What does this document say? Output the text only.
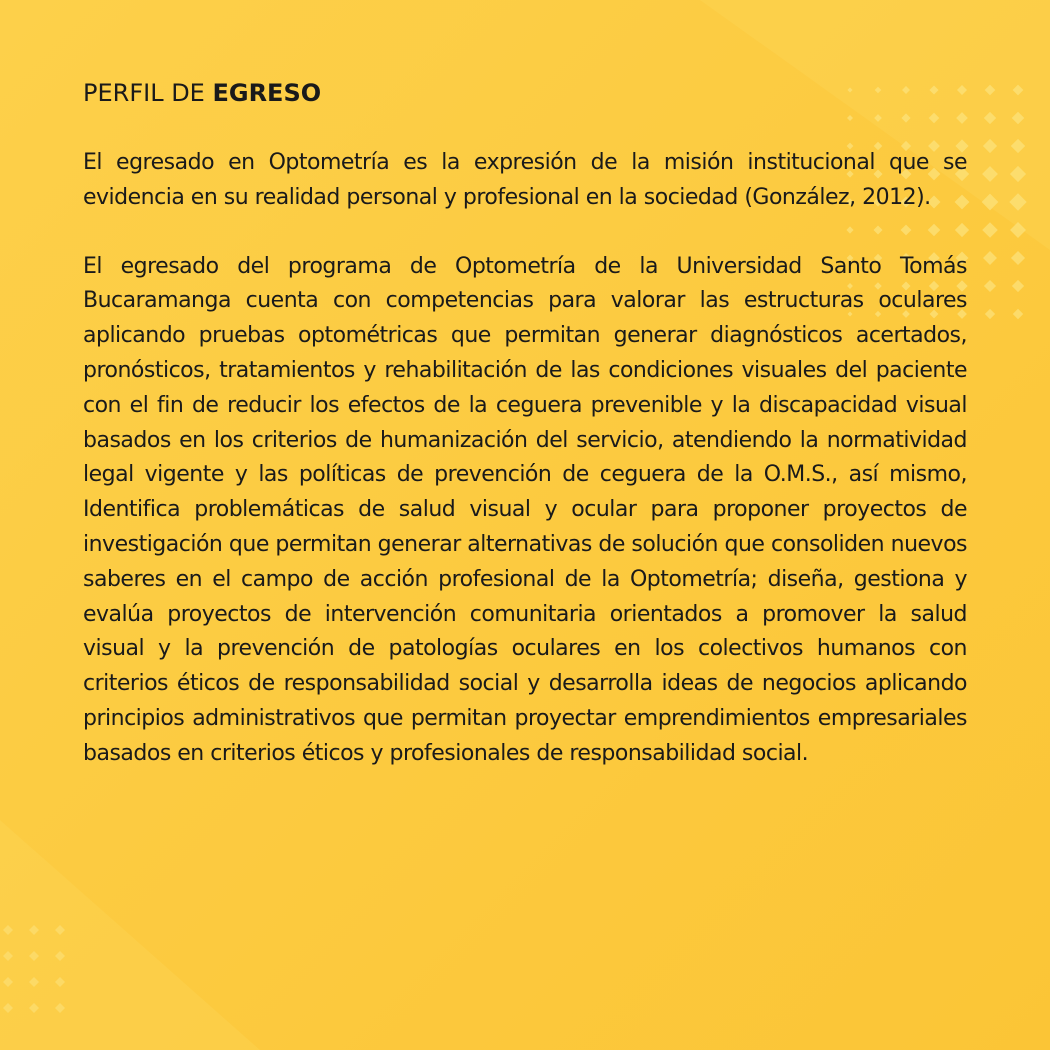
PERFIL DE EGRESO

El egresado en Optometría es la expresión de la misión institucional que se evidencia en su realidad personal y profesional en la sociedad (González, 2012).

El egresado del programa de Optometría de la Universidad Santo Tomás Bucaramanga cuenta con competencias para valorar las estructuras oculares aplicando pruebas optométricas que permitan generar diagnósticos acertados, pronósticos, tratamientos y rehabilitación de las condiciones visuales del paciente con el fin de reducir los efectos de la ceguera prevenible y la discapacidad visual basados en los criterios de humanización del servicio, atendiendo la normatividad legal vigente y las políticas de prevención de ceguera de la O.M.S., así mismo, Identifica problemáticas de salud visual y ocular para proponer proyectos de investigación que permitan generar alternativas de solución que consoliden nuevos saberes en el campo de acción profesional de la Optometría; diseña, gestiona y evalúa proyectos de intervención comunitaria orientados a promover la salud visual y la prevención de patologías oculares en los colectivos humanos con criterios éticos de responsabilidad social y desarrolla ideas de negocios aplicando principios administrativos que permitan proyectar emprendimientos empresariales basados en criterios éticos y profesionales de responsabilidad social.
